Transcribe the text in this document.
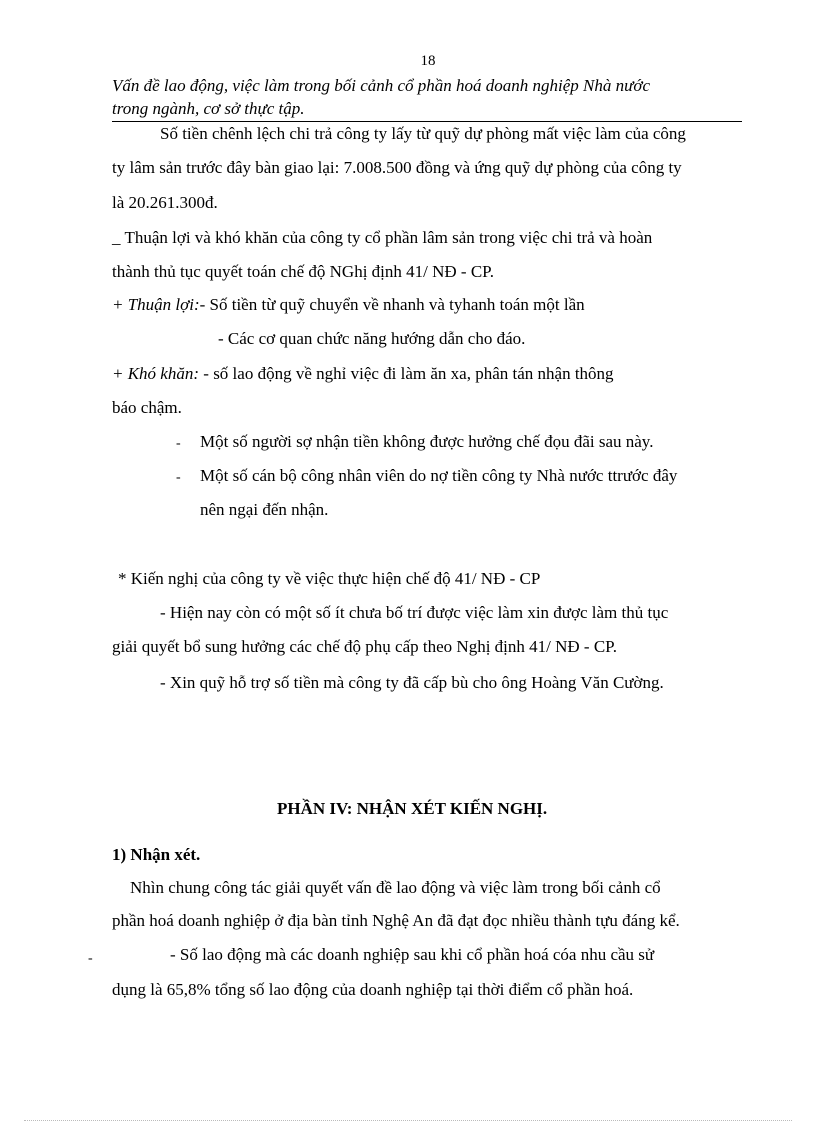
18
Vấn đề lao động, việc làm trong bối cảnh cổ phần hoá doanh nghiệp Nhà nước
trong ngành, cơ sở thực tập.
Số tiền chênh lệch chi trả công ty lấy từ quỹ dự phòng mất việc làm của công
ty lâm sản trước đây bàn giao lại: 7.008.500 đồng và ứng quỹ dự phòng của công ty
là 20.261.300đ.
_ Thuận lợi và khó khăn của công ty cổ phần lâm sản trong việc chi trả và hoàn
thành thủ tục quyết toán chế độ NGhị định 41/ NĐ - CP.
+ Thuận lợi:- Số tiền từ quỹ chuyển về nhanh và tyhanh toán một lần
- Các cơ quan chức năng hướng dẫn cho đáo.
+ Khó khăn: - số lao động về nghỉ việc đi làm ăn xa, phân tán nhận thông
báo chậm.
- Một số người sợ nhận tiền không được hưởng chế đọu đãi sau này.
- Một số cán bộ công nhân viên do nợ tiền công ty Nhà nước ttrước đây
nên ngại đến nhận.
* Kiến nghị của công ty về việc thực hiện chế độ 41/ NĐ - CP
- Hiện nay còn có một số ít chưa bố trí được việc làm xin được làm thủ tục
giải quyết bổ sung hưởng các chế độ phụ cấp theo Nghị định 41/ NĐ - CP.
- Xin quỹ hỗ trợ số tiền mà công ty đã cấp bù cho ông Hoàng Văn Cường.
PHẦN IV: NHẬN XÉT KIẾN NGHỊ.
1) Nhận xét.
Nhìn chung công tác giải quyết vấn đề lao động và việc làm trong bối cảnh cổ
phần hoá doanh nghiệp ở địa bàn tỉnh Nghệ An đã đạt đọc nhiều thành tựu đáng kể.
-	- Số lao động mà các doanh nghiệp sau khi cổ phần hoá cóa nhu cầu sử
dụng là 65,8% tổng số lao động của doanh nghiệp tại thời điểm cổ phần hoá.
